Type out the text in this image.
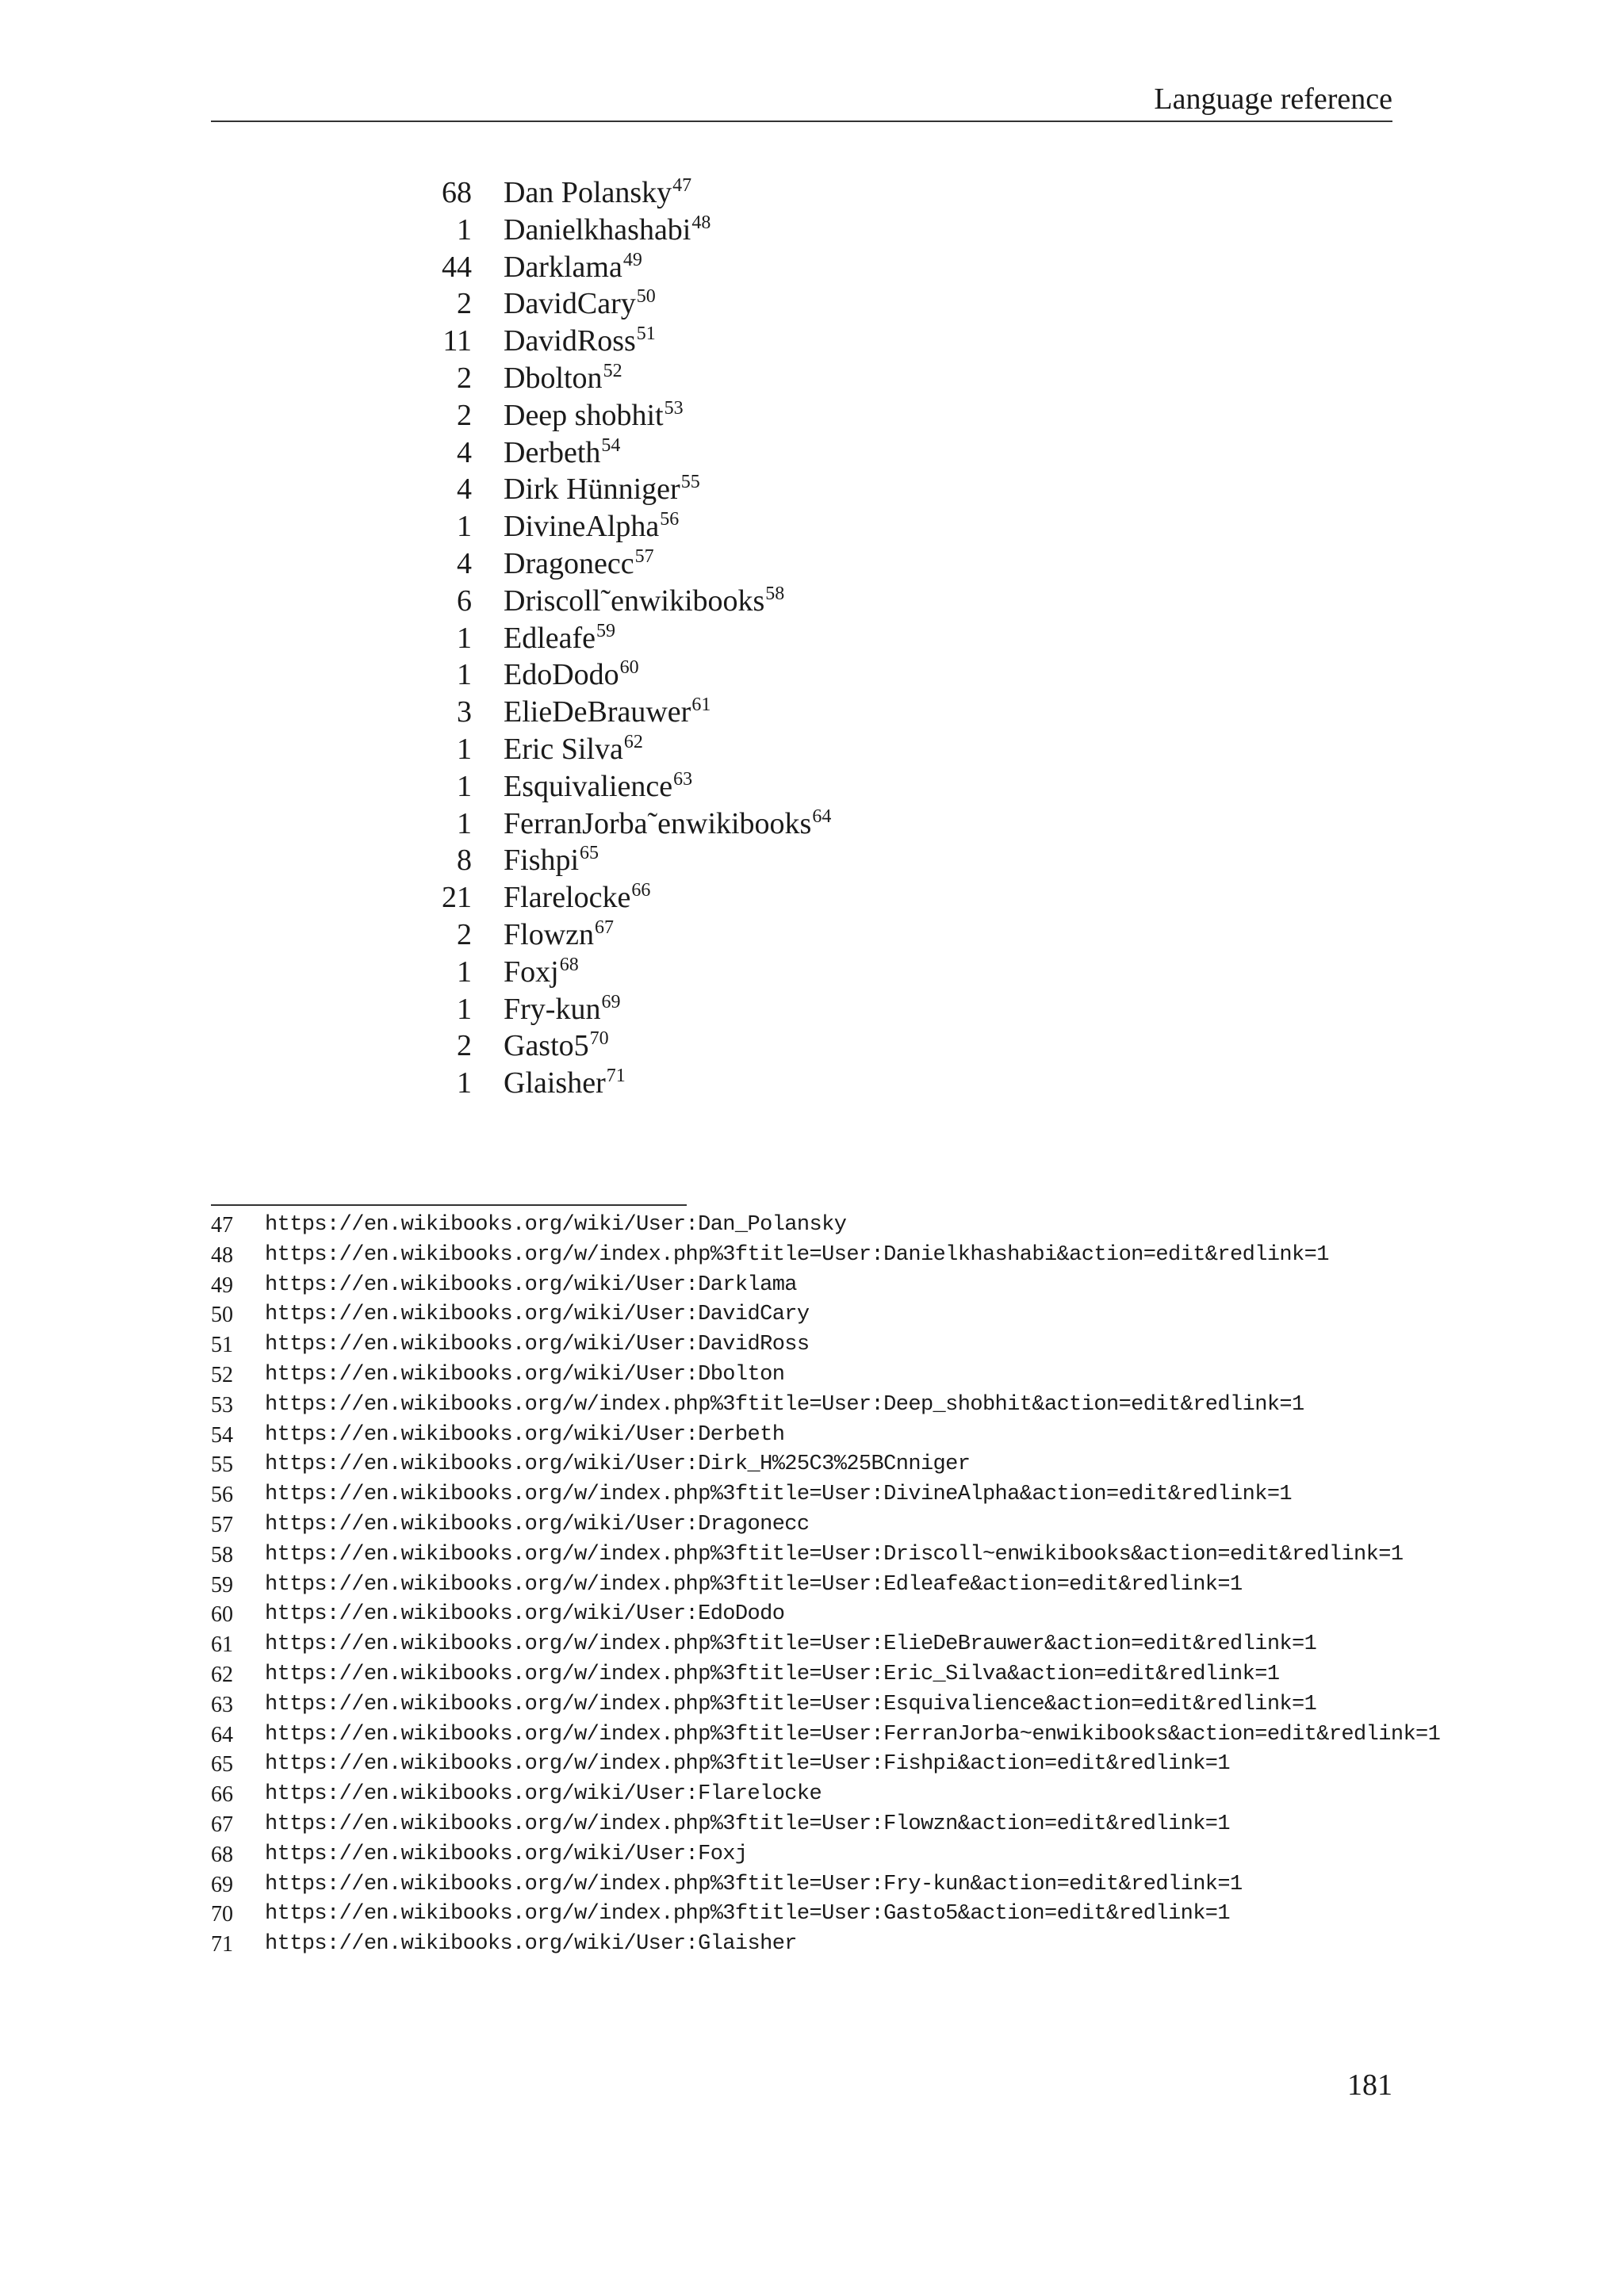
Language reference
68 Dan Polansky$^{47}$
1 Danielkhashabi$^{48}$
44 Darklama$^{49}$
2 DavidCary$^{50}$
11 DavidRoss$^{51}$
2 Dbolton$^{52}$
2 Deep shobhit$^{53}$
4 Derbeth$^{54}$
4 Dirk Hünniger$^{55}$
1 DivineAlpha$^{56}$
4 Dragonecc$^{57}$
6 Driscoll˜enwikibooks$^{58}$
1 Edleafe$^{59}$
1 EdoDodo$^{60}$
3 ElieDeBrauwer$^{61}$
1 Eric Silva$^{62}$
1 Esquivalience$^{63}$
1 FerranJorba˜enwikibooks$^{64}$
8 Fishpi$^{65}$
21 Flarelocke$^{66}$
2 Flowzn$^{67}$
1 Foxj$^{68}$
1 Fry-kun$^{69}$
2 $Gasto5^{70}$
1 Glaisher$^{71}$
47	https://en.wikibooks.org/wiki/User:Dan_Polansky
48	https://en.wikibooks.org/w/index.php%3ftitle=User:Danielkhashabi&action=edit&redlink=1
49	https://en.wikibooks.org/wiki/User:Darklama
50	https://en.wikibooks.org/wiki/User:DavidCary
51	https://en.wikibooks.org/wiki/User:DavidRoss
52	https://en.wikibooks.org/wiki/User:Dbolton
53	https://en.wikibooks.org/w/index.php%3ftitle=User:Deep_shobhit&action=edit&redlink=1
54	https://en.wikibooks.org/wiki/User:Derbeth
55	https://en.wikibooks.org/wiki/User:Dirk_H%25C3%25BCnniger
56	https://en.wikibooks.org/w/index.php%3ftitle=User:DivineAlpha&action=edit&redlink=1
57	https://en.wikibooks.org/wiki/User:Dragonecc
58	https://en.wikibooks.org/w/index.php%3ftitle=User:Driscoll~enwikibooks&action=edit&redlink=1
59	https://en.wikibooks.org/w/index.php%3ftitle=User:Edleafe&action=edit&redlink=1
60	https://en.wikibooks.org/wiki/User:EdoDodo
61	https://en.wikibooks.org/w/index.php%3ftitle=User:ElieDeBrauwer&action=edit&redlink=1
62	https://en.wikibooks.org/w/index.php%3ftitle=User:Eric_Silva&action=edit&redlink=1
63	https://en.wikibooks.org/w/index.php%3ftitle=User:Esquivalience&action=edit&redlink=1
64	https://en.wikibooks.org/w/index.php%3ftitle=User:FerranJorba~enwikibooks&action=edit&redlink=1
65	https://en.wikibooks.org/w/index.php%3ftitle=User:Fishpi&action=edit&redlink=1
66	https://en.wikibooks.org/wiki/User:Flarelocke
67	https://en.wikibooks.org/w/index.php%3ftitle=User:Flowzn&action=edit&redlink=1
68	https://en.wikibooks.org/wiki/User:Foxj
69	https://en.wikibooks.org/w/index.php%3ftitle=User:Fry-kun&action=edit&redlink=1
70	https://en.wikibooks.org/w/index.php%3ftitle=User:Gasto5&action=edit&redlink=1
71	https://en.wikibooks.org/wiki/User:Glaisher
181
